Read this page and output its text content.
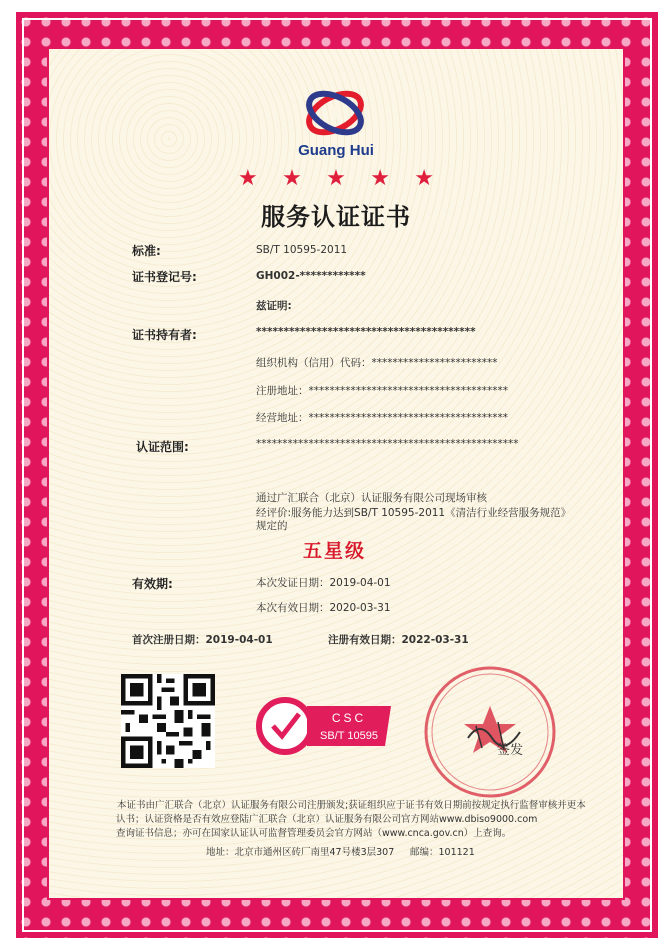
Guang Hui
★ ★ ★ ★ ★
服务认证证书
标准:	SB/T 10595-2011
证书登记号:	GH002-************
兹证明:
证书持有者:	****************************************
组织机构（信用）代码：************************
注册地址：**************************************
经营地址：**************************************
认证范围:	**************************************************
通过广汇联合（北京）认证服务有限公司现场审核
经评价:服务能力达到SB/T 10595-2011《清洁行业经营服务规范》
规定的
五星级
有效期:	本次发证日期：2019-04-01
本次有效日期：2020-03-31
首次注册日期：2019-04-01	注册有效日期：2022-03-31
CSC
SB/T 10595
签发
本证书由广汇联合（北京）认证服务有限公司注册颁发;获证组织应于证书有效日期前按规定执行监督审核并更本
认书；认证资格是否有效应登陆广汇联合（北京）认证服务有限公司官方网站www.dbiso9000.com
查询证书信息；亦可在国家认证认可监督管理委员会官方网站（www.cnca.gov.cn）上查询。
地址：北京市通州区砖厂南里47号楼3层307 邮编：101121
